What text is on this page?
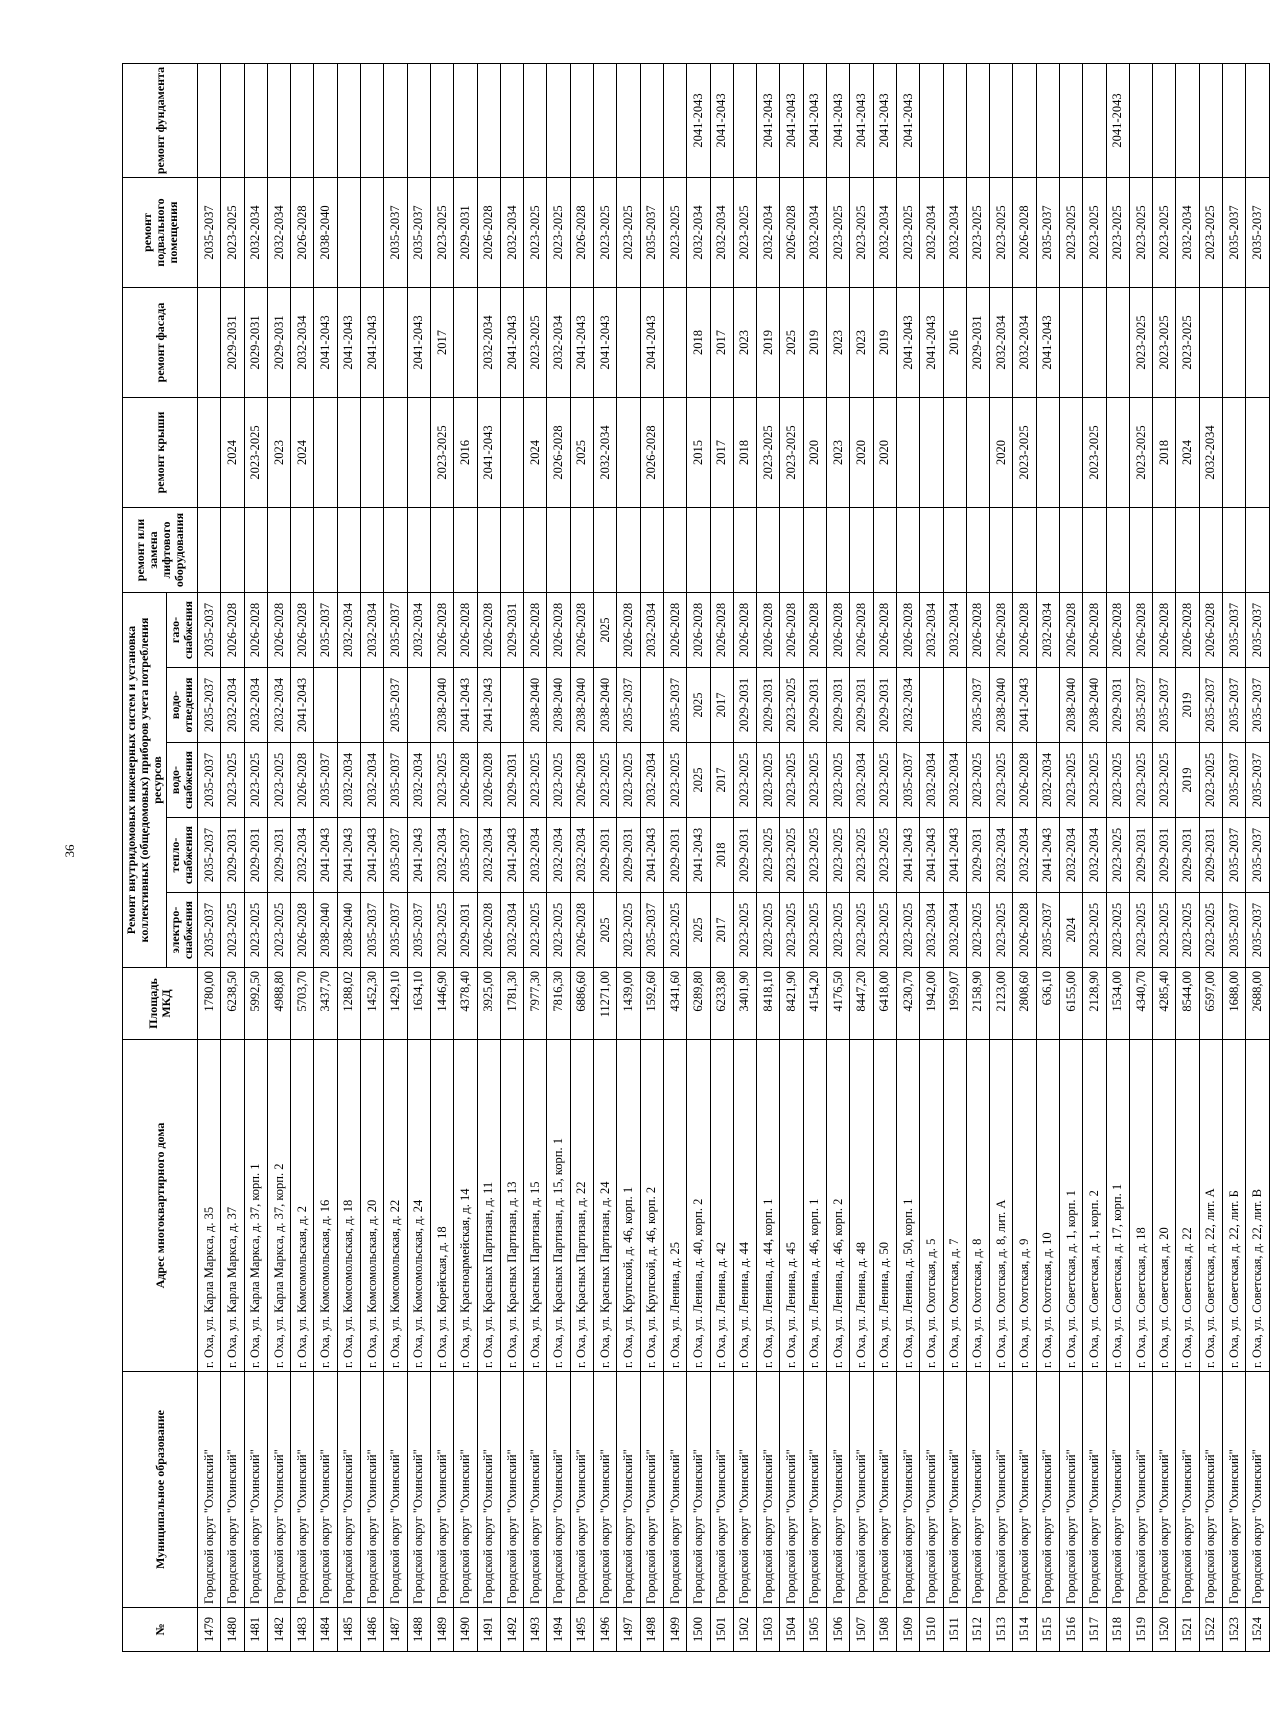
36
№	Муниципальное образование	Адрес многоквартирного дома	Площадь МКД	Ремонт внутридомовых инженерных систем и установка коллективных (общедомовых) приборов учета потребления ресурсов					ремонт или замена лифтового оборудования	ремонт крыши	ремонт фасада	ремонт подвального помещения	ремонт фундамента
				электро-снабжения	тепло-снабжения	водо-снабжения	водо-отведения	газо-снабжения					
1479	Городской округ "Охинский"	г. Оха, ул. Карла Маркса, д. 35	1780,00	2035-2037	2035-2037	2035-2037	2035-2037	2035-2037				2035-2037	
1480	Городской округ "Охинский"	г. Оха, ул. Карла Маркса, д. 37	6238,50	2023-2025	2029-2031	2023-2025	2032-2034	2026-2028		2024	2029-2031	2023-2025	
1481	Городской округ "Охинский"	г. Оха, ул. Карла Маркса, д. 37, корп. 1	5992,50	2023-2025	2029-2031	2023-2025	2032-2034	2026-2028		2023-2025	2029-2031	2032-2034	
1482	Городской округ "Охинский"	г. Оха, ул. Карла Маркса, д. 37, корп. 2	4988,80	2023-2025	2029-2031	2023-2025	2032-2034	2026-2028		2023	2029-2031	2032-2034	
1483	Городской округ "Охинский"	г. Оха, ул. Комсомольская, д. 2	5703,70	2026-2028	2032-2034	2026-2028	2041-2043	2026-2028		2024	2032-2034	2026-2028	
1484	Городской округ "Охинский"	г. Оха, ул. Комсомольская, д. 16	3437,70	2038-2040	2041-2043	2035-2037		2035-2037			2041-2043	2038-2040	
1485	Городской округ "Охинский"	г. Оха, ул. Комсомольская, д. 18	1288,02	2038-2040	2041-2043	2032-2034		2032-2034			2041-2043		
1486	Городской округ "Охинский"	г. Оха, ул. Комсомольская, д. 20	1452,30	2035-2037	2041-2043	2032-2034		2032-2034			2041-2043		
1487	Городской округ "Охинский"	г. Оха, ул. Комсомольская, д. 22	1429,10	2035-2037	2035-2037	2035-2037	2035-2037	2035-2037				2035-2037	
1488	Городской округ "Охинский"	г. Оха, ул. Комсомольская, д. 24	1634,10	2035-2037	2041-2043	2032-2034		2032-2034			2041-2043	2035-2037	
1489	Городской округ "Охинский"	г. Оха, ул. Корейская, д. 18	1446,90	2023-2025	2032-2034	2023-2025	2038-2040	2026-2028		2023-2025	2017	2023-2025	
1490	Городской округ "Охинский"	г. Оха, ул. Красноармейская, д. 14	4378,40	2029-2031	2035-2037	2026-2028	2041-2043	2026-2028		2016		2029-2031	
1491	Городской округ "Охинский"	г. Оха, ул. Красных Партизан, д. 11	3925,00	2026-2028	2032-2034	2026-2028	2041-2043	2026-2028		2041-2043	2032-2034	2026-2028	
1492	Городской округ "Охинский"	г. Оха, ул. Красных Партизан, д. 13	1781,30	2032-2034	2041-2043	2029-2031		2029-2031			2041-2043	2032-2034	
1493	Городской округ "Охинский"	г. Оха, ул. Красных Партизан, д. 15	7977,30	2023-2025	2032-2034	2023-2025	2038-2040	2026-2028		2024	2023-2025	2023-2025	
1494	Городской округ "Охинский"	г. Оха, ул. Красных Партизан, д. 15, корп. 1	7816,30	2023-2025	2032-2034	2023-2025	2038-2040	2026-2028		2026-2028	2032-2034	2023-2025	
1495	Городской округ "Охинский"	г. Оха, ул. Красных Партизан, д. 22	6886,60	2026-2028	2032-2034	2026-2028	2038-2040	2026-2028		2025	2041-2043	2026-2028	
1496	Городской округ "Охинский"	г. Оха, ул. Красных Партизан, д. 24	11271,00	2025	2029-2031	2023-2025	2038-2040	2025		2032-2034	2041-2043	2023-2025	
1497	Городской округ "Охинский"	г. Оха, ул. Крупской, д. 46, корп. 1	1439,00	2023-2025	2029-2031	2023-2025	2035-2037	2026-2028				2023-2025	
1498	Городской округ "Охинский"	г. Оха, ул. Крупской, д. 46, корп. 2	1592,60	2035-2037	2041-2043	2032-2034		2032-2034		2026-2028	2041-2043	2035-2037	
1499	Городской округ "Охинский"	г. Оха, ул. Ленина, д. 25	4341,60	2023-2025	2029-2031	2023-2025	2035-2037	2026-2028				2023-2025	
1500	Городской округ "Охинский"	г. Оха, ул. Ленина, д. 40, корп. 2	6289,80	2025	2041-2043	2025	2025	2026-2028		2015	2018	2032-2034	2041-2043
1501	Городской округ "Охинский"	г. Оха, ул. Ленина, д. 42	6233,80	2017	2018	2017	2017	2026-2028		2017	2017	2032-2034	2041-2043
1502	Городской округ "Охинский"	г. Оха, ул. Ленина, д. 44	3401,90	2023-2025	2029-2031	2023-2025	2029-2031	2026-2028		2018	2023	2023-2025	
1503	Городской округ "Охинский"	г. Оха, ул. Ленина, д. 44, корп. 1	8418,10	2023-2025	2023-2025	2023-2025	2029-2031	2026-2028		2023-2025	2019	2032-2034	2041-2043
1504	Городской округ "Охинский"	г. Оха, ул. Ленина, д. 45	8421,90	2023-2025	2023-2025	2023-2025	2023-2025	2026-2028		2023-2025	2025	2026-2028	2041-2043
1505	Городской округ "Охинский"	г. Оха, ул. Ленина, д. 46, корп. 1	4154,20	2023-2025	2023-2025	2023-2025	2029-2031	2026-2028		2020	2019	2032-2034	2041-2043
1506	Городской округ "Охинский"	г. Оха, ул. Ленина, д. 46, корп. 2	4176,50	2023-2025	2023-2025	2023-2025	2029-2031	2026-2028		2023	2023	2023-2025	2041-2043
1507	Городской округ "Охинский"	г. Оха, ул. Ленина, д. 48	8447,20	2023-2025	2023-2025	2032-2034	2029-2031	2026-2028		2020	2023	2023-2025	2041-2043
1508	Городской округ "Охинский"	г. Оха, ул. Ленина, д. 50	6418,00	2023-2025	2023-2025	2023-2025	2029-2031	2026-2028		2020	2019	2032-2034	2041-2043
1509	Городской округ "Охинский"	г. Оха, ул. Ленина, д. 50, корп. 1	4230,70	2023-2025	2041-2043	2035-2037	2032-2034	2026-2028			2041-2043	2023-2025	2041-2043
1510	Городской округ "Охинский"	г. Оха, ул. Охотская, д. 5	1942,00	2032-2034	2041-2043	2032-2034		2032-2034			2041-2043	2032-2034	
1511	Городской округ "Охинский"	г. Оха, ул. Охотская, д. 7	1959,07	2032-2034	2041-2043	2032-2034		2032-2034			2016	2032-2034	
1512	Городской округ "Охинский"	г. Оха, ул. Охотская, д. 8	2158,90	2023-2025	2029-2031	2023-2025	2035-2037	2026-2028			2029-2031	2023-2025	
1513	Городской округ "Охинский"	г. Оха, ул. Охотская, д. 8, лит. А	2123,00	2023-2025	2032-2034	2023-2025	2038-2040	2026-2028		2020	2032-2034	2023-2025	
1514	Городской округ "Охинский"	г. Оха, ул. Охотская, д. 9	2808,60	2026-2028	2032-2034	2026-2028	2041-2043	2026-2028		2023-2025	2032-2034	2026-2028	
1515	Городской округ "Охинский"	г. Оха, ул. Охотская, д. 10	636,10	2035-2037	2041-2043	2032-2034		2032-2034			2041-2043	2035-2037	
1516	Городской округ "Охинский"	г. Оха, ул. Советская, д. 1, корп. 1	6155,00	2024	2032-2034	2023-2025	2038-2040	2026-2028				2023-2025	
1517	Городской округ "Охинский"	г. Оха, ул. Советская, д. 1, корп. 2	2128,90	2023-2025	2032-2034	2023-2025	2038-2040	2026-2028		2023-2025		2023-2025	
1518	Городской округ "Охинский"	г. Оха, ул. Советская, д. 17, корп. 1	1534,00	2023-2025	2023-2025	2023-2025	2029-2031	2026-2028				2023-2025	2041-2043
1519	Городской округ "Охинский"	г. Оха, ул. Советская, д. 18	4340,70	2023-2025	2029-2031	2023-2025	2035-2037	2026-2028		2023-2025	2023-2025	2023-2025	
1520	Городской округ "Охинский"	г. Оха, ул. Советская, д. 20	4285,40	2023-2025	2029-2031	2023-2025	2035-2037	2026-2028		2018	2023-2025	2023-2025	
1521	Городской округ "Охинский"	г. Оха, ул. Советская, д. 22	8544,00	2023-2025	2029-2031	2019	2019	2026-2028		2024	2023-2025	2032-2034	
1522	Городской округ "Охинский"	г. Оха, ул. Советская, д. 22, лит. А	6597,00	2023-2025	2029-2031	2023-2025	2035-2037	2026-2028		2032-2034		2023-2025	
1523	Городской округ "Охинский"	г. Оха, ул. Советская, д. 22, лит. Б	1688,00	2035-2037	2035-2037	2035-2037	2035-2037	2035-2037				2035-2037	
1524	Городской округ "Охинский"	г. Оха, ул. Советская, д. 22, лит. В	2688,00	2035-2037	2035-2037	2035-2037	2035-2037	2035-2037				2035-2037	
